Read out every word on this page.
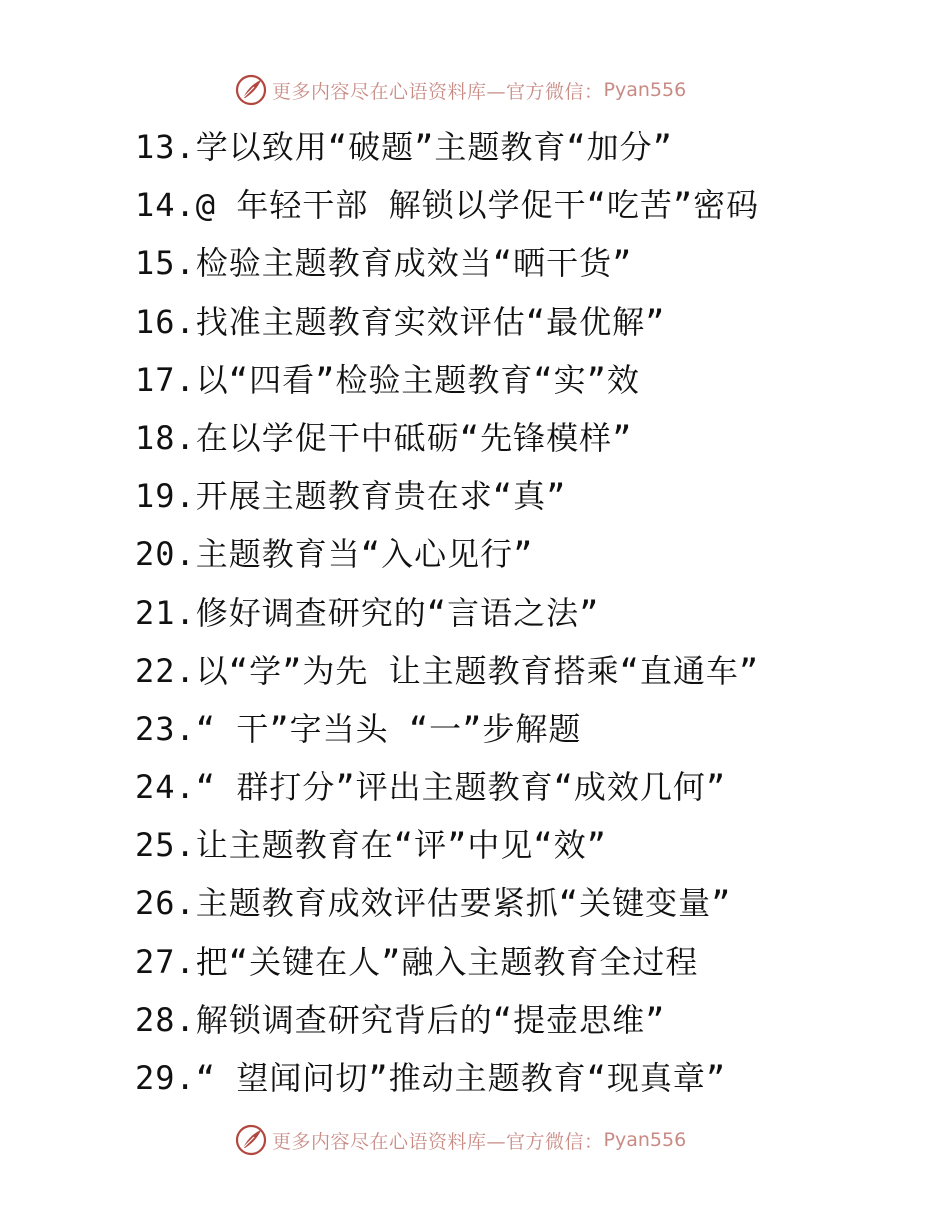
更多内容尽在心语资料库—官方微信： Pyan556
13.学以致用“破题”主题教育“加分”
14.@ 年轻干部 解锁以学促干“吃苦”密码
15.检验主题教育成效当“晒干货”
16.找准主题教育实效评估“最优解”
17.以“四看”检验主题教育“实”效
18.在以学促干中砥砺“先锋模样”
19.开展主题教育贵在求“真”
20.主题教育当“入心见行”
21.修好调查研究的“言语之法”
22.以“学”为先 让主题教育搭乘“直通车”
23.“ 干”字当头 “一”步解题
24.“ 群打分”评出主题教育“成效几何”
25.让主题教育在“评”中见“效”
26.主题教育成效评估要紧抓“关键变量”
27.把“关键在人”融入主题教育全过程
28.解锁调查研究背后的“提壶思维”
29.“ 望闻问切”推动主题教育“现真章”
更多内容尽在心语资料库—官方微信： Pyan556
